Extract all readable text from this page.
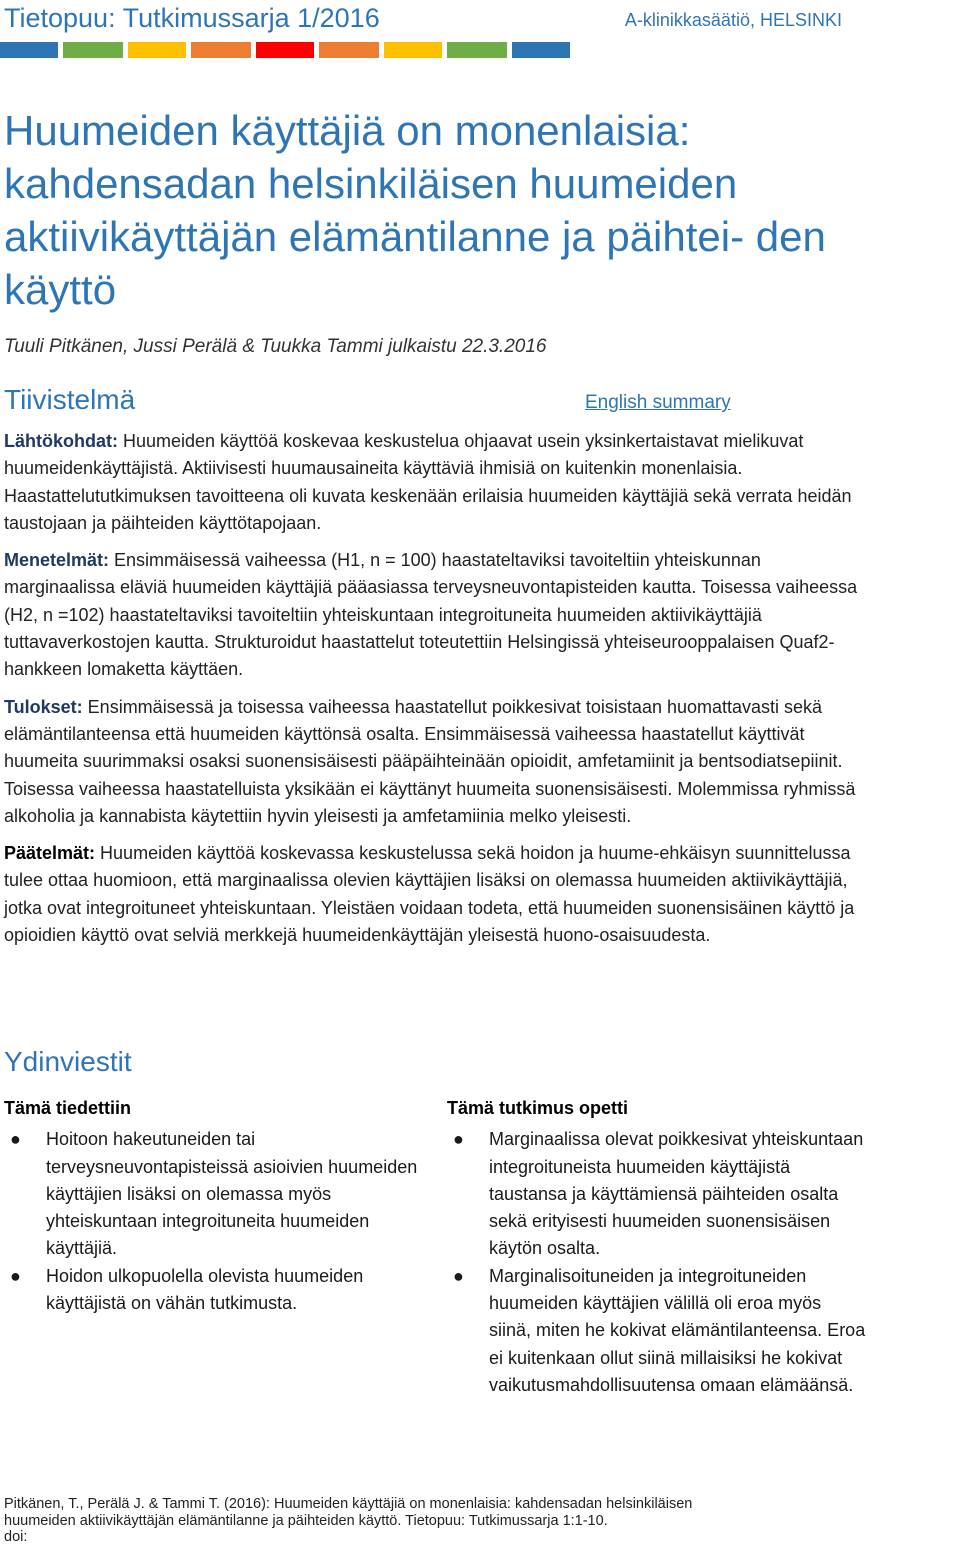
Tietopuu: Tutkimussarja 1/2016	A-klinikkasäätiö, HELSINKI
Huumeiden käyttäjiä on monenlaisia: kahdensadan helsinkiläisen huumeiden aktiivikäyttäjän elämäntilanne ja päihtei- den käyttö
Tuuli Pitkänen, Jussi Perälä & Tuukka Tammi julkaistu 22.3.2016
Tiivistelmä	English summary

Lähtökohdat: Huumeiden käyttöä koskevaa keskustelua ohjaavat usein yksinkertaistavat mielikuvat huumeidenkäyttäjistä. Aktiivisesti huumausaineita käyttäviä ihmisiä on kuitenkin monenlaisia. Haastattelututkimuksen tavoitteena oli kuvata keskenään erilaisia huumeiden käyttäjiä sekä verrata heidän taustojaan ja päihteiden käyttötapojaan.

Menetelmät: Ensimmäisessä vaiheessa (H1, n = 100) haastateltaviksi tavoiteltiin yhteiskunnan marginaalissa eläviä huumeiden käyttäjiä pääasiassa terveysneuvontapisteiden kautta. Toisessa vaiheessa (H2, n =102) haastateltaviksi tavoiteltiin yhteiskuntaan integroituneita huumeiden aktiivikäyttäjiä tuttavaverkostojen kautta. Strukturoidut haastattelut toteutettiin Helsingissä yhteiseurooppalaisen Quaf2-hankkeen lomaketta käyttäen.

Tulokset: Ensimmäisessä ja toisessa vaiheessa haastatellut poikkesivat toisistaan huomattavasti sekä elämäntilanteensa että huumeiden käyttönsä osalta. Ensimmäisessä vaiheessa haastatellut käyttivät huumeita suurimmaksi osaksi suonensisäisesti pääpäihteinään opioidit, amfetamiinit ja bentsodiatsepiinit. Toisessa vaiheessa haastatelluista yksikään ei käyttänyt huumeita suonensisäisesti. Molemmissa ryhmissä alkoholia ja kannabista käytettiin hyvin yleisesti ja amfetamiinia melko yleisesti.

Päätelmät: Huumeiden käyttöä koskevassa keskustelussa sekä hoidon ja huume-ehkäisyn suunnittelussa tulee ottaa huomioon, että marginaalissa olevien käyttäjien lisäksi on olemassa huumeiden aktiivikäyttäjiä, jotka ovat integroituneet yhteiskuntaan. Yleistäen voidaan todeta, että huumeiden suonensisäinen käyttö ja opioidien käyttö ovat selviä merkkejä huumeidenkäyttäjän yleisestä huono-osaisuudesta.

Ydinviestit
Tämä tiedettiin
● Hoitoon hakeutuneiden tai terveysneuvontapisteissä asioivien huumeiden käyttäjien lisäksi on olemassa myös yhteiskuntaan integroituneita huumeiden käyttäjiä.
● Hoidon ulkopuolella olevista huumeiden käyttäjistä on vähän tutkimusta.
Tämä tutkimus opetti
● Marginaalissa olevat poikkesivat yhteiskuntaan integroituneista huumeiden käyttäjistä taustansa ja käyttämiensä päihteiden osalta sekä erityisesti huumeiden suonensisäisen käytön osalta.
● Marginalisoituneiden ja integroituneiden huumeiden käyttäjien välillä oli eroa myös siinä, miten he kokivat elämäntilanteensa. Eroa ei kuitenkaan ollut siinä millaisiksi he kokivat vaikutusmahdollisuutensa omaan elämäänsä.
Pitkänen, T., Perälä J. & Tammi T. (2016): Huumeiden käyttäjiä on monenlaisia: kahdensadan helsinkiläisen
huumeiden aktiivikäyttäjän elämäntilanne ja päihteiden käyttö. Tietopuu: Tutkimussarja 1:1-10.
doi:
